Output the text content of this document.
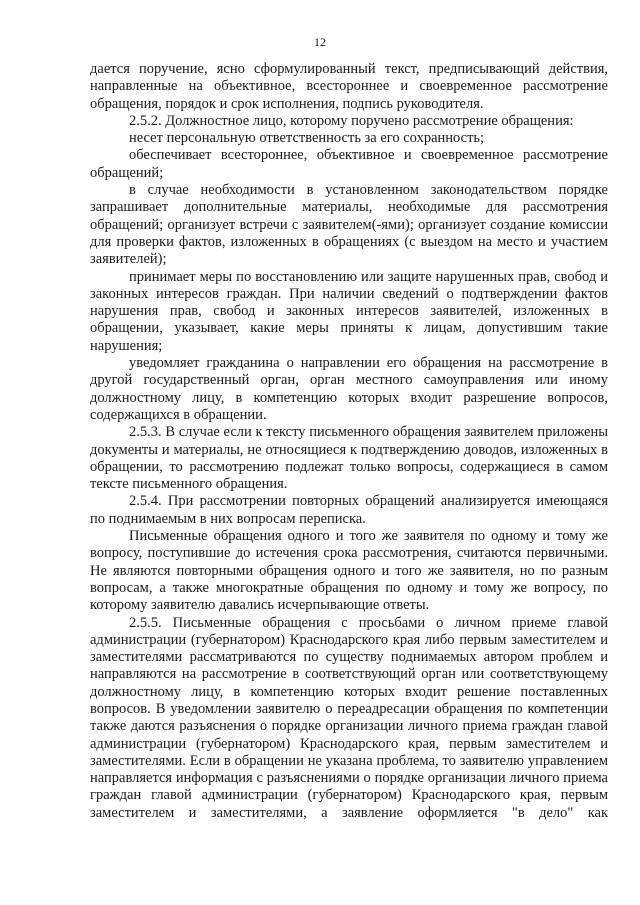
12

дается поручение, ясно сформулированный текст, предписывающий действия, направленные на объективное, всестороннее и своевременное рассмотрение обращения, порядок и срок исполнения, подпись руководителя.

2.5.2. Должностное лицо, которому поручено рассмотрение обращения:

несет персональную ответственность за его сохранность;

обеспечивает всестороннее, объективное и своевременное рассмотрение обращений;

в случае необходимости в установленном законодательством порядке запрашивает дополнительные материалы, необходимые для рассмотрения обращений; организует встречи с заявителем(-ями); организует создание комиссии для проверки фактов, изложенных в обращениях (с выездом на место и участием заявителей);

принимает меры по восстановлению или защите нарушенных прав, свобод и законных интересов граждан. При наличии сведений о подтверждении фактов нарушения прав, свобод и законных интересов заявителей, изложенных в обращении, указывает, какие меры приняты к лицам, допустившим такие нарушения;

уведомляет гражданина о направлении его обращения на рассмотрение в другой государственный орган, орган местного самоуправления или иному должностному лицу, в компетенцию которых входит разрешение вопросов, содержащихся в обращении.

2.5.3. В случае если к тексту письменного обращения заявителем приложены документы и материалы, не относящиеся к подтверждению доводов, изложенных в обращении, то рассмотрению подлежат только вопросы, содержащиеся в самом тексте письменного обращения.

2.5.4. При рассмотрении повторных обращений анализируется имеющаяся по поднимаемым в них вопросам переписка.

Письменные обращения одного и того же заявителя по одному и тому же вопросу, поступившие до истечения срока рассмотрения, считаются первичными. Не являются повторными обращения одного и того же заявителя, но по разным вопросам, а также многократные обращения по одному и тому же вопросу, по которому заявителю давались исчерпывающие ответы.

2.5.5. Письменные обращения с просьбами о личном приеме главой администрации (губернатором) Краснодарского края либо первым заместителем и заместителями рассматриваются по существу поднимаемых автором проблем и направляются на рассмотрение в соответствующий орган или соответствующему должностному лицу, в компетенцию которых входит решение поставленных вопросов. В уведомлении заявителю о переадресации обращения по компетенции также даются разъяснения о порядке организации личного приема граждан главой администрации (губернатором) Краснодарского края, первым заместителем и заместителями. Если в обращении не указана проблема, то заявителю управлением направляется информация с разъяснениями о порядке организации личного приема граждан главой администрации (губернатором) Краснодарского края, первым заместителем и заместителями, а заявление оформляется "в дело" как
